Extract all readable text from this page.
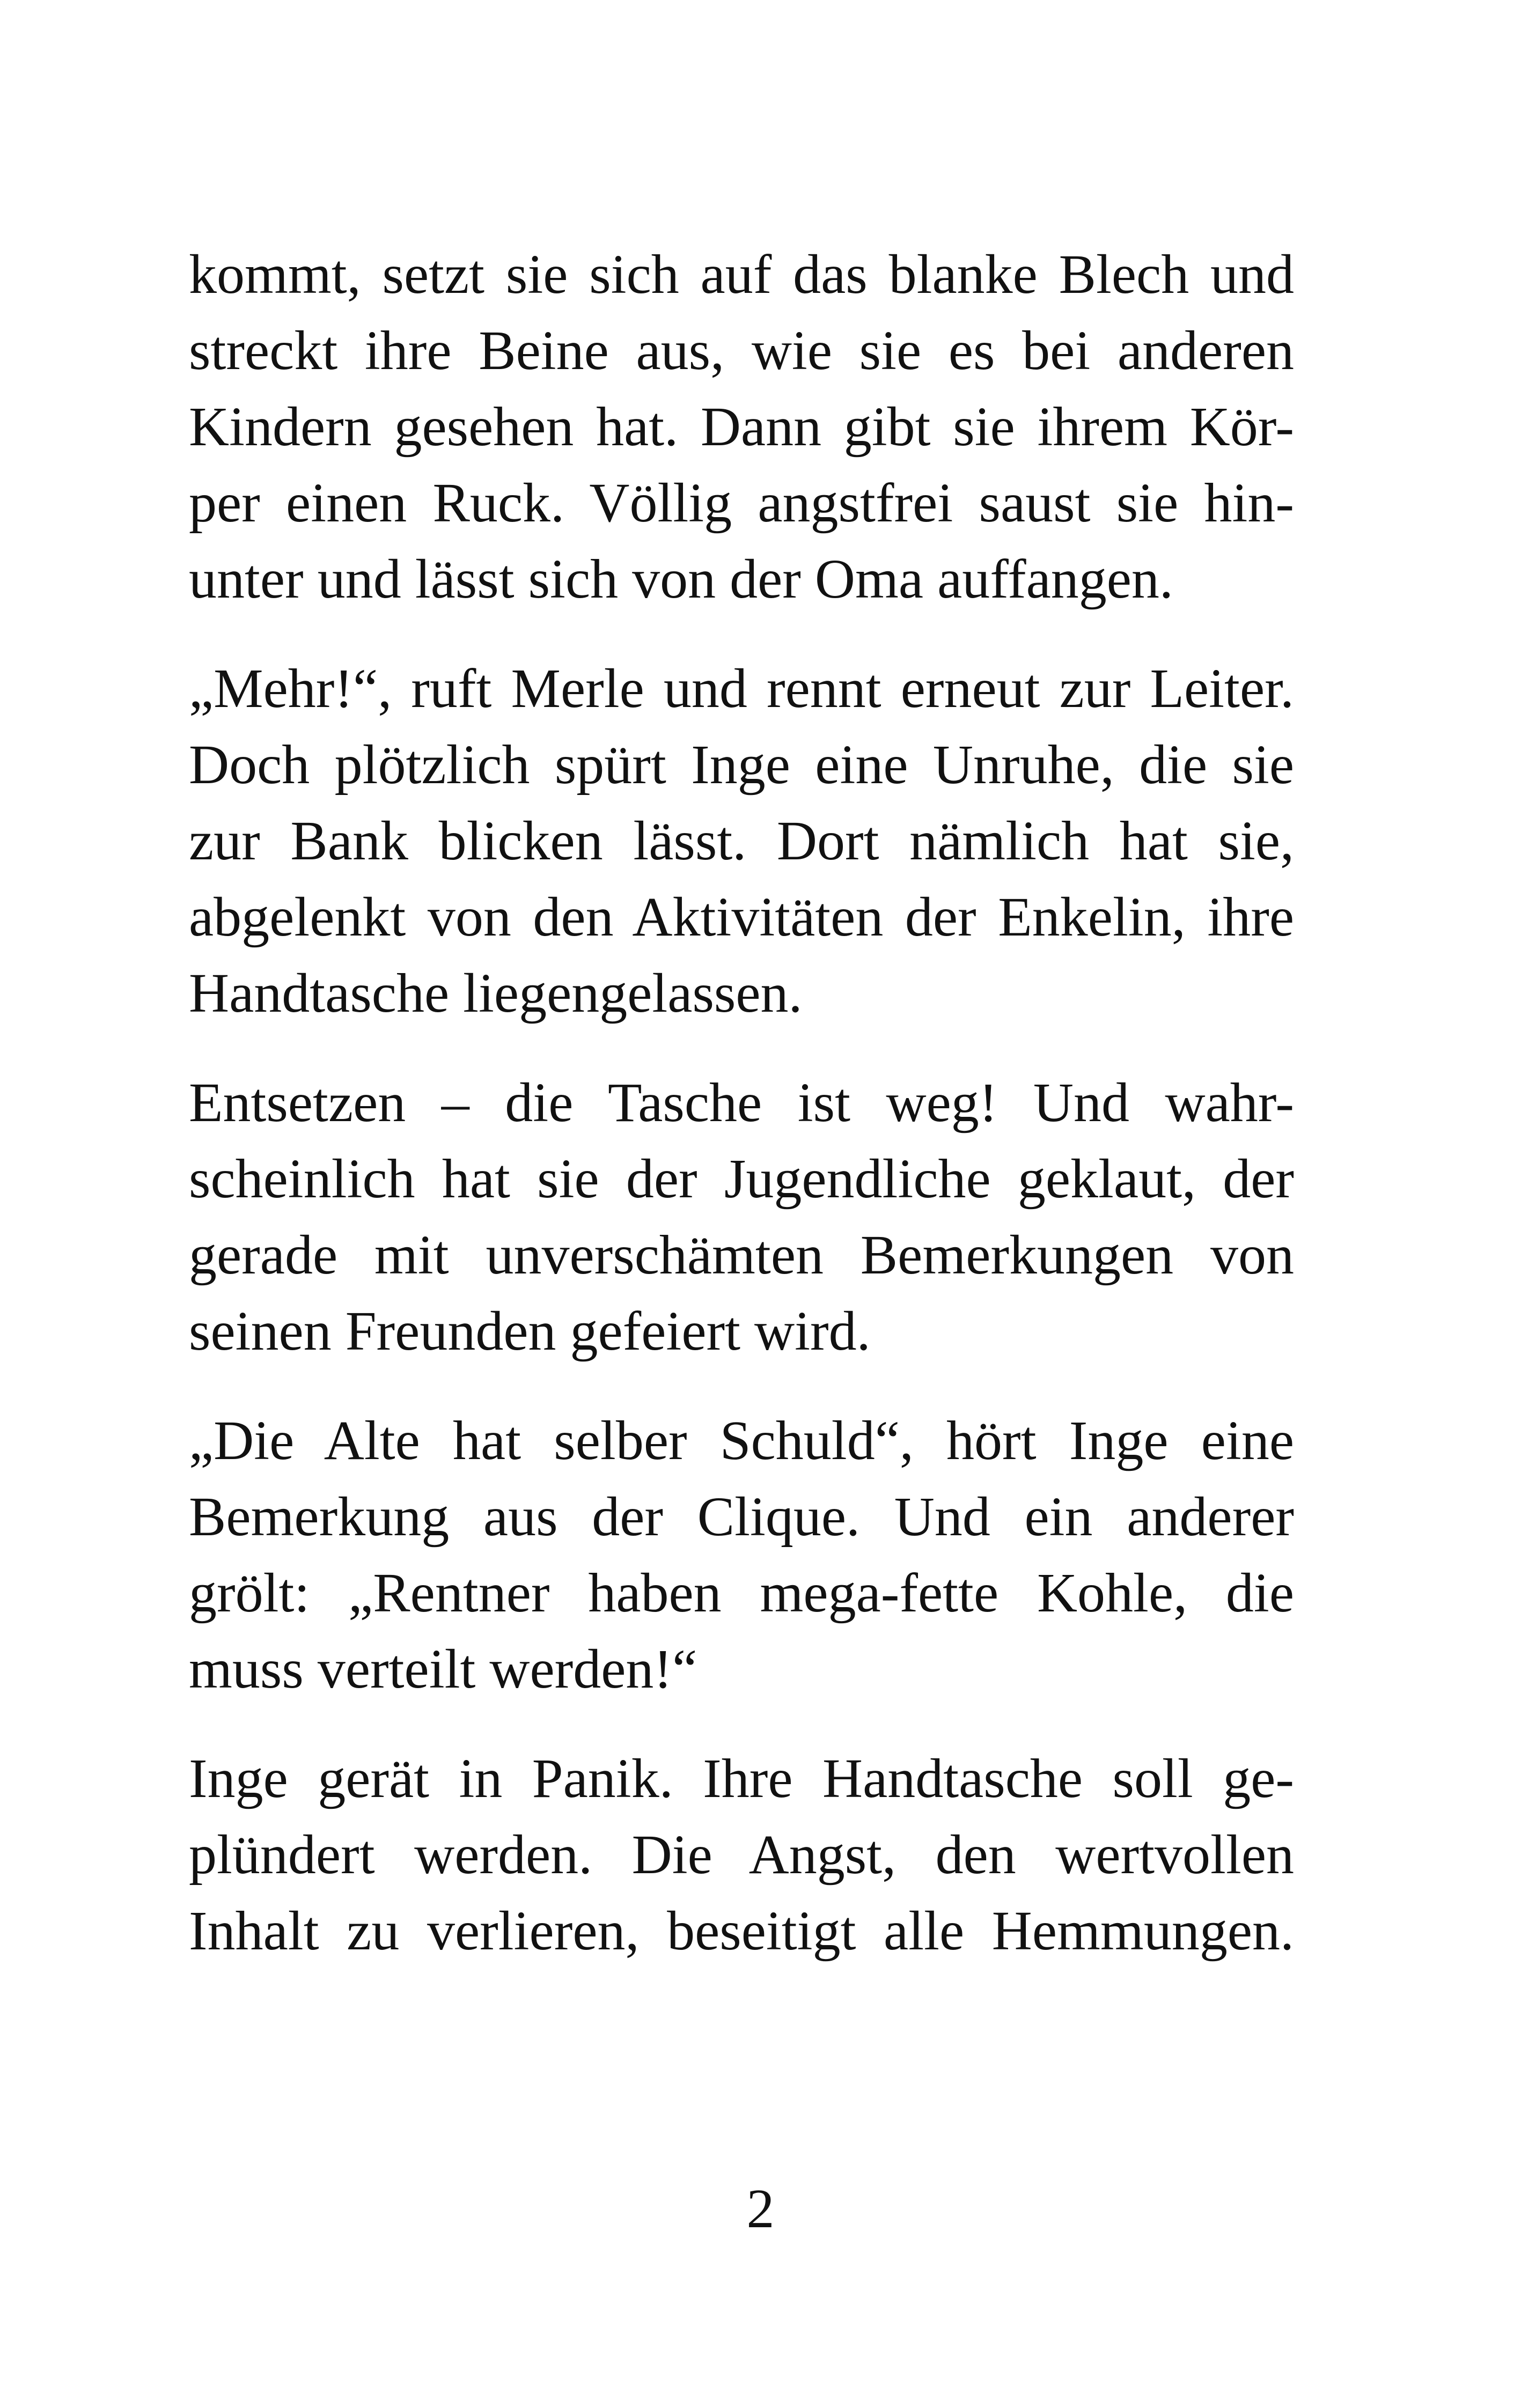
kommt, setzt sie sich auf das blanke Blech und
streckt ihre Beine aus, wie sie es bei anderen
Kindern gesehen hat. Dann gibt sie ihrem Kör-
per einen Ruck. Völlig angstfrei saust sie hin-
unter und lässt sich von der Oma auffangen.

„Mehr!“, ruft Merle und rennt erneut zur Leiter.
Doch plötzlich spürt Inge eine Unruhe, die sie
zur Bank blicken lässt. Dort nämlich hat sie,
abgelenkt von den Aktivitäten der Enkelin, ihre
Handtasche liegengelassen.

Entsetzen – die Tasche ist weg! Und wahr-
scheinlich hat sie der Jugendliche geklaut, der
gerade mit unverschämten Bemerkungen von
seinen Freunden gefeiert wird.

„Die Alte hat selber Schuld“, hört Inge eine
Bemerkung aus der Clique. Und ein anderer
grölt: „Rentner haben mega-fette Kohle, die
muss verteilt werden!“

Inge gerät in Panik. Ihre Handtasche soll ge-
plündert werden. Die Angst, den wertvollen
Inhalt zu verlieren, beseitigt alle Hemmungen.

2
